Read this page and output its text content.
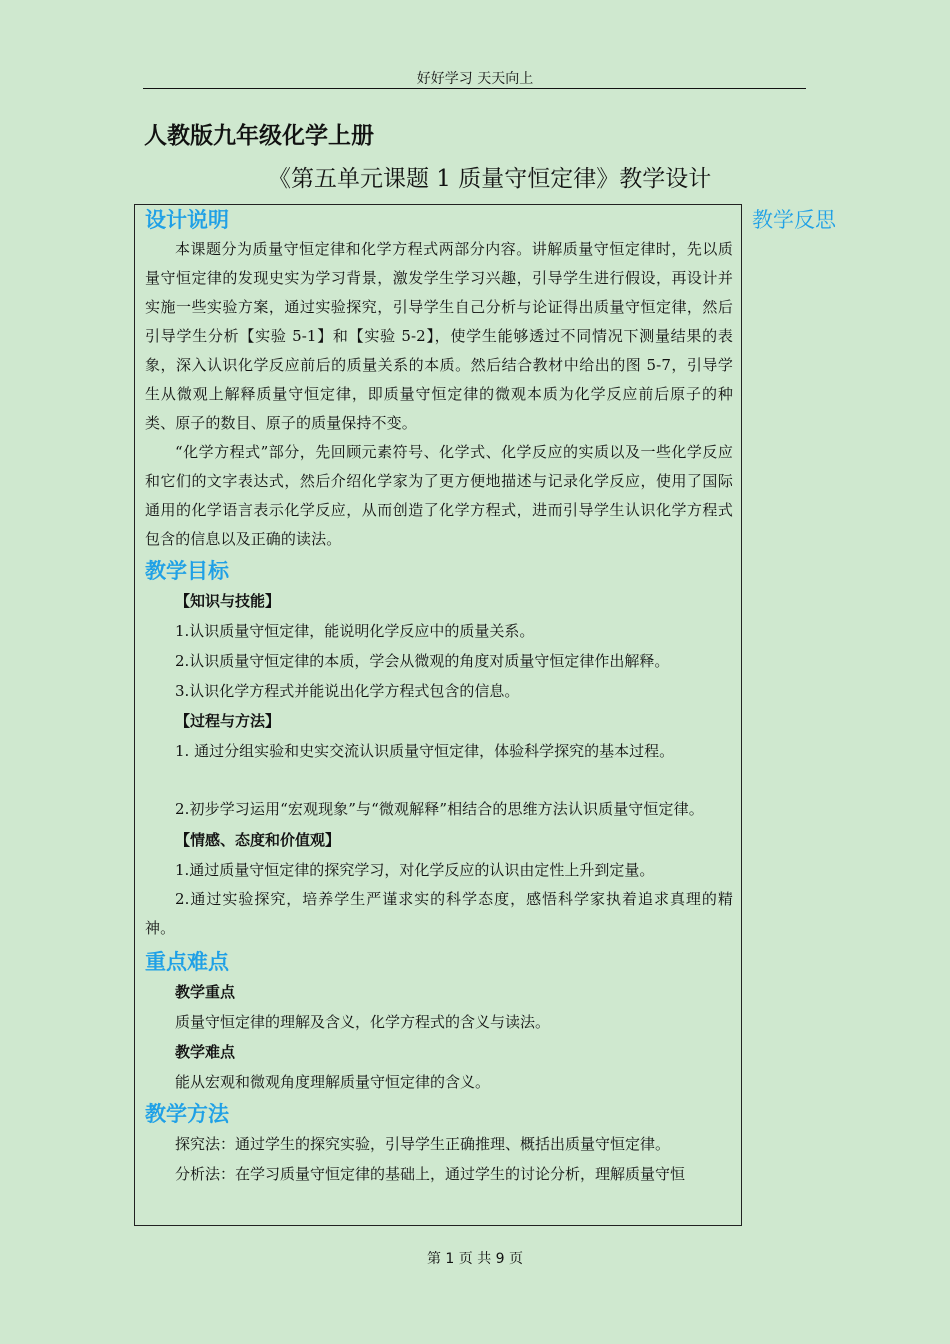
好好学习 天天向上
人教版九年级化学上册
《第五单元课题 1 质量守恒定律》教学设计
设计说明

本课题分为质量守恒定律和化学方程式两部分内容。讲解质量守恒定律时，先以质量守恒定律的发现史实为学习背景，激发学生学习兴趣，引导学生进行假设，再设计并实施一些实验方案，通过实验探究，引导学生自己分析与论证得出质量守恒定律，然后引导学生分析【实验 5-1】和【实验 5-2】，使学生能够透过不同情况下测量结果的表象，深入认识化学反应前后的质量关系的本质。然后结合教材中给出的图 5-7，引导学生从微观上解释质量守恒定律，即质量守恒定律的微观本质为化学反应前后原子的种类、原子的数目、原子的质量保持不变。

“化学方程式”部分，先回顾元素符号、化学式、化学反应的实质以及一些化学反应和它们的文字表达式，然后介绍化学家为了更方便地描述与记录化学反应，使用了国际通用的化学语言表示化学反应，从而创造了化学方程式，进而引导学生认识化学方程式包含的信息以及正确的读法。

教学目标

【知识与技能】

1.认识质量守恒定律，能说明化学反应中的质量关系。

2.认识质量守恒定律的本质，学会从微观的角度对质量守恒定律作出解释。

3.认识化学方程式并能说出化学方程式包含的信息。

【过程与方法】

1. 通过分组实验和史实交流认识质量守恒定律，体验科学探究的基本过程。

2.初步学习运用“宏观现象”与“微观解释”相结合的思维方法认识质量守恒定律。

【情感、态度和价值观】

1.通过质量守恒定律的探究学习，对化学反应的认识由定性上升到定量。

2.通过实验探究，培养学生严谨求实的科学态度，感悟科学家执着追求真理的精神。

重点难点

教学重点

质量守恒定律的理解及含义，化学方程式的含义与读法。

教学难点

能从宏观和微观角度理解质量守恒定律的含义。

教学方法

探究法：通过学生的探究实验，引导学生正确推理、概括出质量守恒定律。

分析法：在学习质量守恒定律的基础上，通过学生的讨论分析，理解质量守恒

教学反思
第 1 页 共 9 页
